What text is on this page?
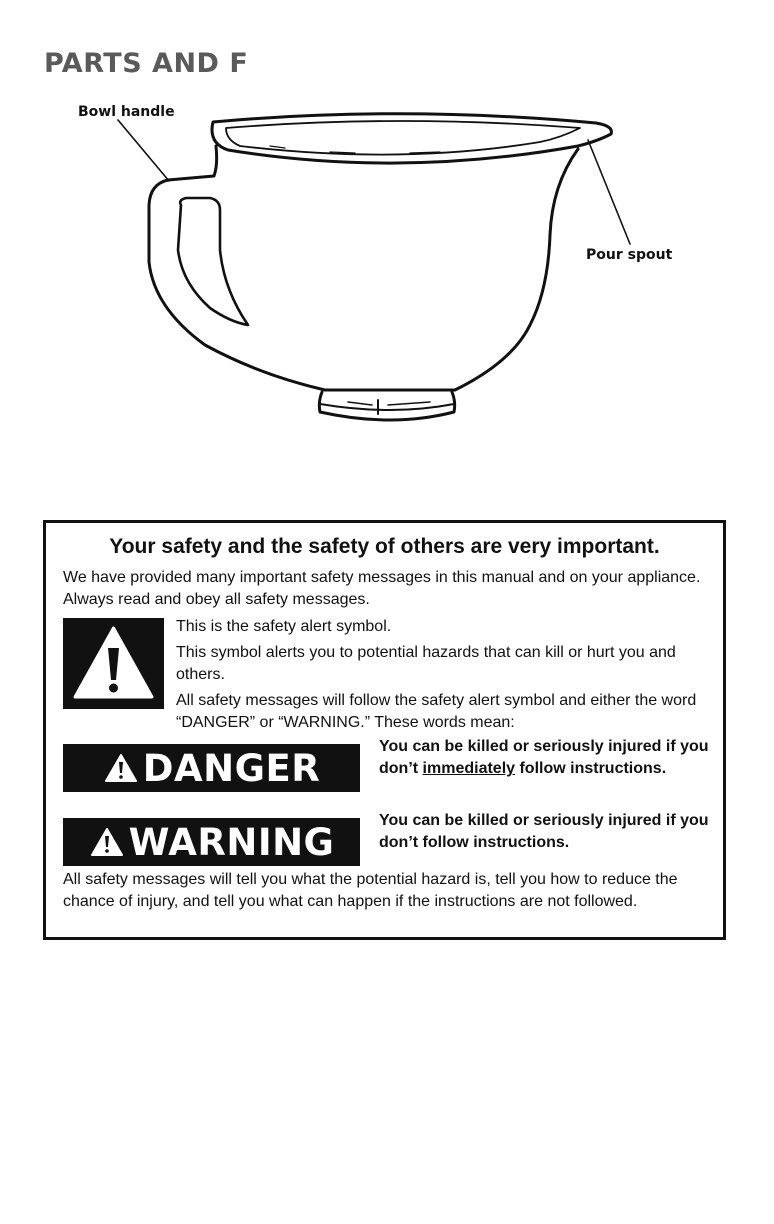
PARTS AND F
Bowl handle
Pour spout
Your safety and the safety of others are very important.

We have provided many important safety messages in this manual and on your appliance. Always read and obey all safety messages.

This is the safety alert symbol.

This symbol alerts you to potential hazards that can kill or hurt you and others.

All safety messages will follow the safety alert symbol and either the word “DANGER” or “WARNING.” These words mean:

DANGER	You can be killed or seriously injured if you don’t immediately follow instructions.

WARNING	You can be killed or seriously injured if you don’t follow instructions.

All safety messages will tell you what the potential hazard is, tell you how to reduce the chance of injury, and tell you what can happen if the instructions are not followed.
